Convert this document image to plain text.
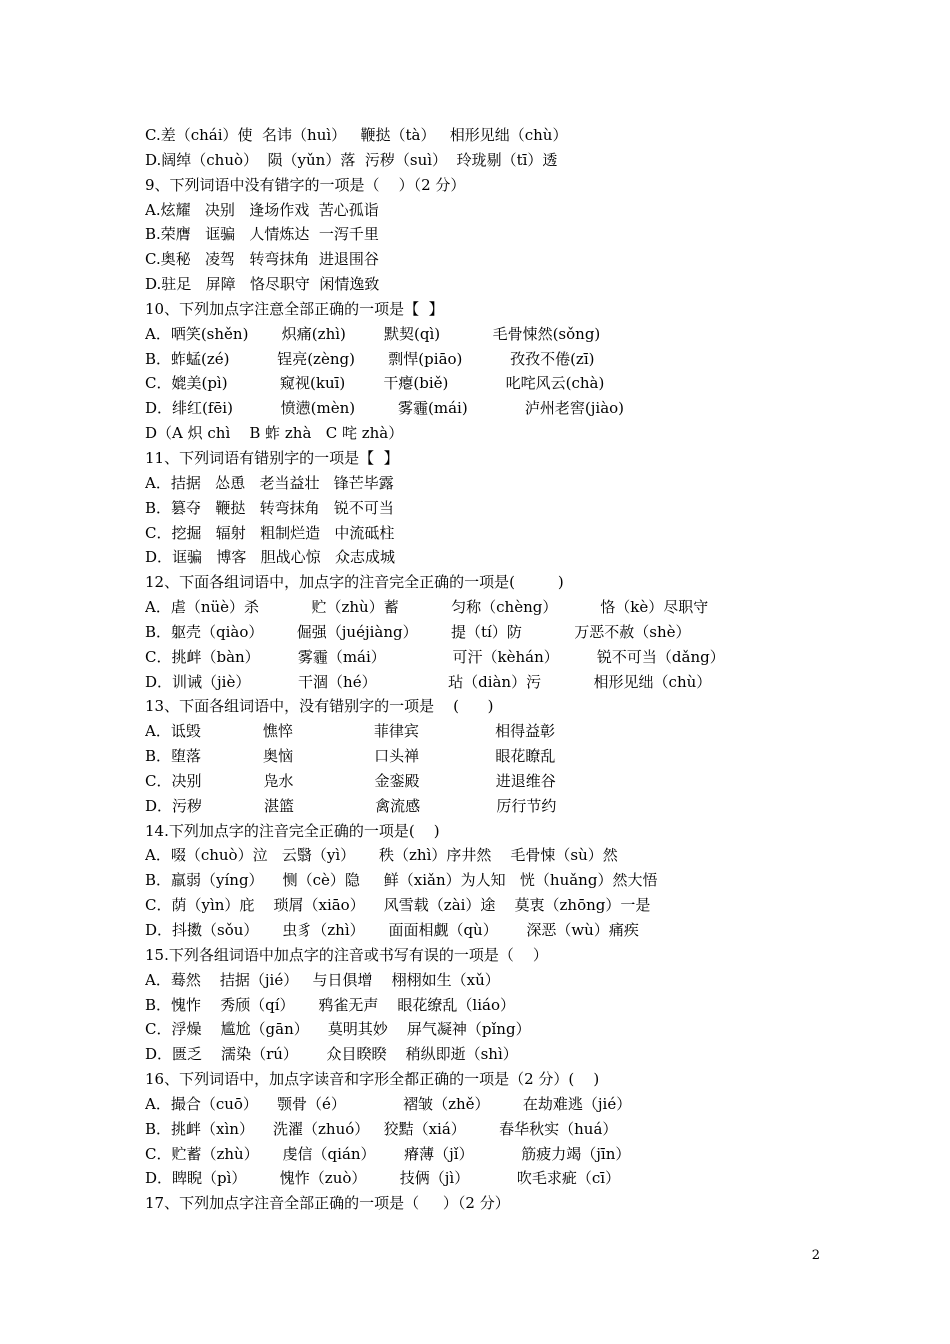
C.差（chái）使  名讳（huì）   鞭挞（tà）   相形见绌（chù）
D.阔绰（chuò）  陨（yǔn）落  污秽（suì）  玲珑剔（tī）透
9、下列词语中没有错字的一项是（    ）（2 分）
A.炫耀   决别   逢场作戏  苦心孤诣
B.荣膺   诓骗   人情炼达  一泻千里
C.奥秘   凌驾   转弯抹角  进退围谷
D.驻足   屏障   恪尽职守  闲情逸致
10、下列加点字注意全部正确的一项是【  】
A．哂笑(shěn)       炽痛(zhì)        默契(qì)           毛骨悚然(sǒng)
B．蚱蜢(zé)          锃亮(zèng)       剽悍(piāo)          孜孜不倦(zī)
C．媲美(pì)           窥视(kuī)        干瘪(biě)            叱咤风云(chà)
D．绯红(fēi)          愤懑(mèn)         雾霾(mái)            泸州老窖(jiào)
D（A 炽 chì    B 蚱 zhà   C 咤 zhà）
11、下列词语有错别字的一项是【  】
A．拮据   怂恿   老当益壮   锋芒毕露
B．篡夺   鞭挞   转弯抹角   锐不可当
C．挖掘   辐射   粗制烂造   中流砥柱
D．诓骗   博客   胆战心惊   众志成城
12、下面各组词语中，加点字的注音完全正确的一项是(         )
A．虐（nüè）杀           贮（zhù）蓄           匀称（chèng）         恪（kè）尽职守
B．躯壳（qiào）       倔强（juéjiàng）       提（tí）防           万恶不赦（shè）
C．挑衅（bàn）        雾霾（mái）              可汗（kèhán）        锐不可当（dǎng）
D．训诫（jiè）          干涸（hé）               玷（diàn）污           相形见绌（chù）
13、下面各组词语中，没有错别字的一项是    (      )
A．诋毁             憔悴                 菲律宾                相得益彰
B．堕落             奥恼                 口头禅                眼花瞭乱
C．决别             凫水                 金銮殿                进退维谷
D．污秽             湛篮                 禽流感                厉行节约
14.下列加点字的注音完全正确的一项是(    )
A．啜（chuò）泣   云翳（yì）     秩（zhì）序井然    毛骨悚（sù）然
B．羸弱（yíng）    恻（cè）隐     鲜（xiǎn）为人知   恍（huǎng）然大悟
C．荫（yìn）庇    琐屑（xiāo）    风雪载（zài）途    莫衷（zhōng）一是
D．抖擞（sǒu）     虫豸（zhì）     面面相觑（qù）      深恶（wù）痛疾
15.下列各组词语中加点字的注音或书写有误的一项是（    ）
A．蓦然    拮据（jié）   与日俱增    栩栩如生（xǔ）
B．愧怍    秀颀（qí）     鸦雀无声    眼花缭乱（liáo）
C．浮燥    尴尬（gān）    莫明其妙    屏气凝神（pǐng）
D．匮乏    濡染（rú）      众目睽睽    稍纵即逝（shì）
16、下列词语中，加点字读音和字形全都正确的一项是（2 分）(    )
A．撮合（cuō）    颚骨（é）            褶皱（zhě）       在劫难逃（jié）
B．挑衅（xìn）    洗濯（zhuó）   狡黠（xiá）       春华秋实（huá）
C．贮蓄（zhù）     虔信（qián）      瘠薄（jǐ）          筋疲力竭（jīn）
D．睥睨（pì）       愧怍（zuò）       技俩（jì）          吹毛求疵（cī）
17、下列加点字注音全部正确的一项是（     ）（2 分）
2
